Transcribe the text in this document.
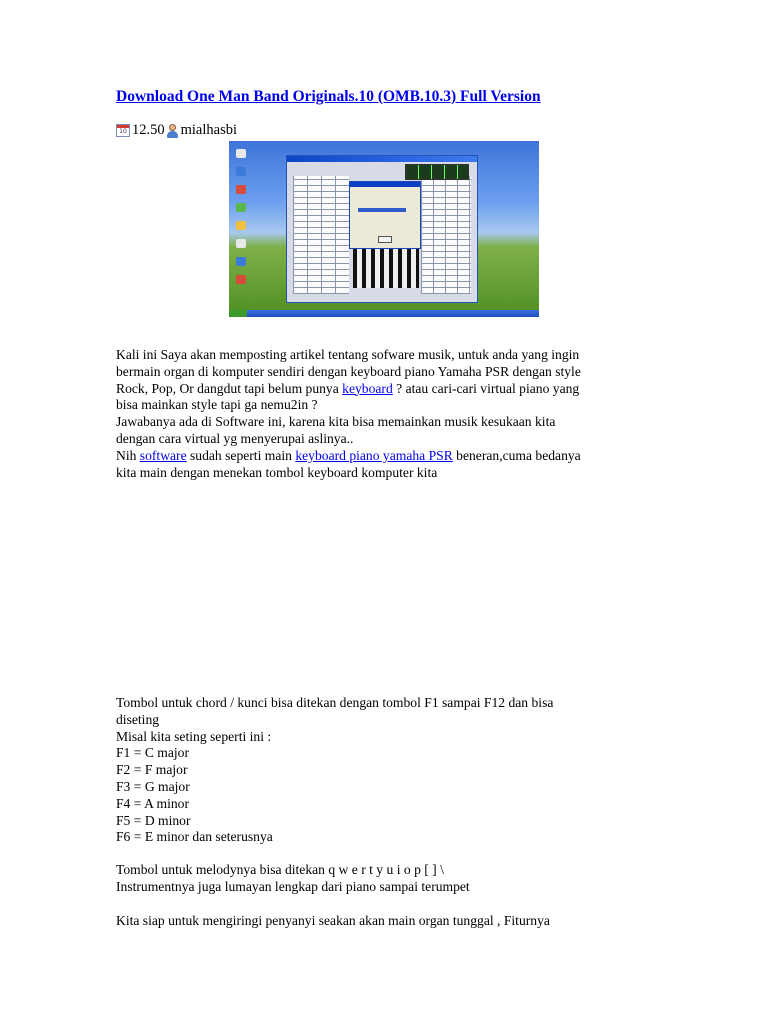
Download One Man Band Originals.10 (OMB.10.3) Full Version
10 12.50 mialhasbi

Kali ini Saya akan memposting artikel tentang sofware musik, untuk anda yang ingin

bermain organ di komputer sendiri dengan keyboard piano Yamaha PSR dengan style

Rock, Pop, Or dangdut tapi belum punya keyboard ? atau cari-cari virtual piano yang

bisa mainkan style tapi ga nemu2in ?

Jawabanya ada di Software ini, karena kita bisa memainkan musik kesukaan kita

dengan cara virtual yg menyerupai aslinya..

Nih software sudah seperti main keyboard piano yamaha PSR beneran,cuma bedanya

kita main dengan menekan tombol keyboard komputer kita

Tombol untuk chord / kunci bisa ditekan dengan tombol F1 sampai F12 dan bisa

diseting

Misal kita seting seperti ini :

F1 = C major

F2 = F major

F3 = G major

F4 = A minor

F5 = D minor

F6 = E minor dan seterusnya

Tombol untuk melodynya bisa ditekan q w e r t y u i o p [ ] \

Instrumentnya juga lumayan lengkap dari piano sampai terumpet

Kita siap untuk mengiringi penyanyi seakan akan main organ tunggal , Fiturnya
